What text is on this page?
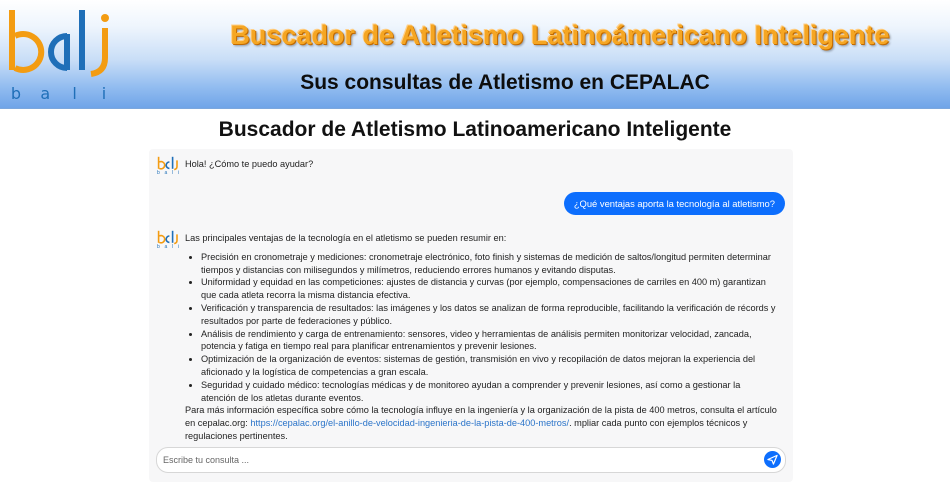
b	a	l	i
Buscador de Atletismo Latinoámericano Inteligente
Sus consultas de Atletismo en CEPALAC
Buscador de Atletismo Latinoamericano Inteligente
b a l i
Hola! ¿Cómo te puedo ayudar?
¿Qué ventajas aporta la tecnología al atletismo?
b a l i
Las principales ventajas de la tecnología en el atletismo se pueden resumir en:
• Precisión en cronometraje y mediciones: cronometraje electrónico, foto finish y sistemas de medición de saltos/longitud permiten determinar tiempos y distancias con milisegundos y milímetros, reduciendo errores humanos y evitando disputas.
• Uniformidad y equidad en las competiciones: ajustes de distancia y curvas (por ejemplo, compensaciones de carriles en 400 m) garantizan que cada atleta recorra la misma distancia efectiva.
• Verificación y transparencia de resultados: las imágenes y los datos se analizan de forma reproducible, facilitando la verificación de récords y resultados por parte de federaciones y público.
• Análisis de rendimiento y carga de entrenamiento: sensores, video y herramientas de análisis permiten monitorizar velocidad, zancada, potencia y fatiga en tiempo real para planificar entrenamientos y prevenir lesiones.
• Optimización de la organización de eventos: sistemas de gestión, transmisión en vivo y recopilación de datos mejoran la experiencia del aficionado y la logística de competencias a gran escala.
• Seguridad y cuidado médico: tecnologías médicas y de monitoreo ayudan a comprender y prevenir lesiones, así como a gestionar la atención de los atletas durante eventos.
Para más información específica sobre cómo la tecnología influye en la ingeniería y la organización de la pista de 400 metros, consulta el artículo en cepalac.org: https://cepalac.org/el-anillo-de-velocidad-ingenieria-de-la-pista-de-400-metros/. mpliar cada punto con ejemplos técnicos y regulaciones pertinentes.
Escribe tu consulta ...
